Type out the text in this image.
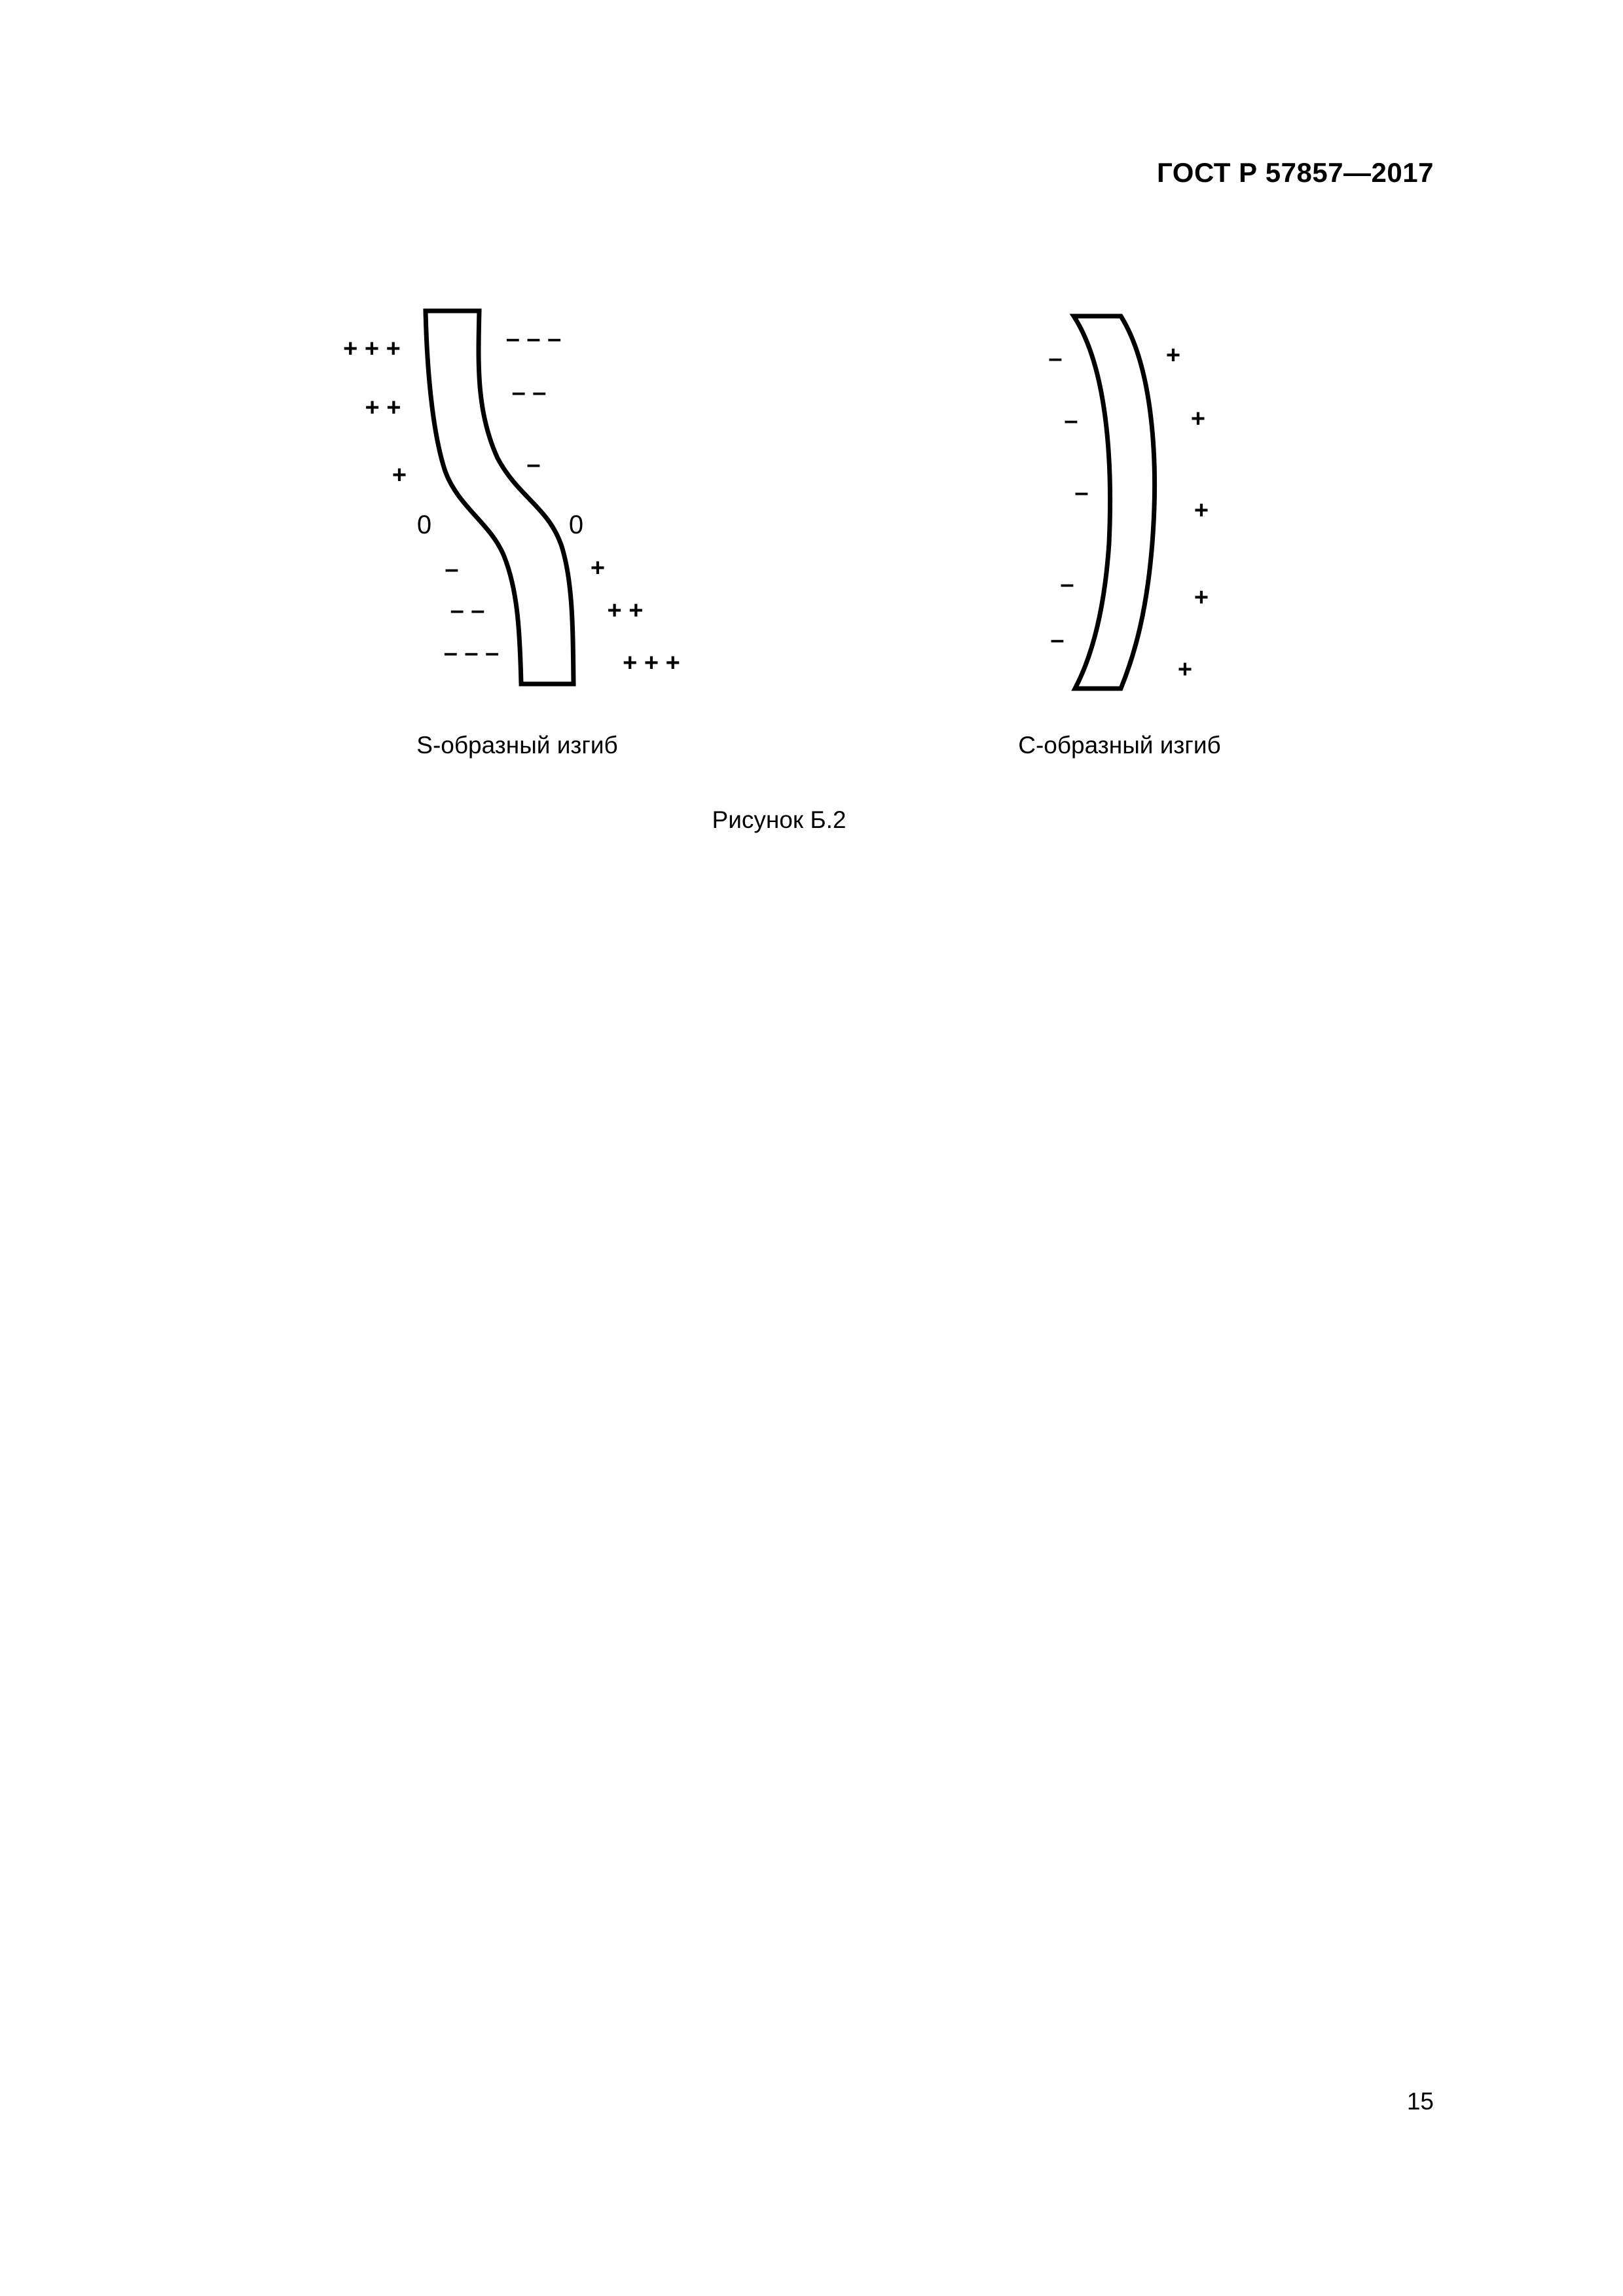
ГОСТ Р 57857—2017
+ + +
+ +
+
0
–
– –
– – –
– – –
– –
–
0
+
+ +
+ + +
–
–
–
–
–
+
+
+
+
+
S-образный изгиб	C-образный изгиб
Рисунок Б.2
15
